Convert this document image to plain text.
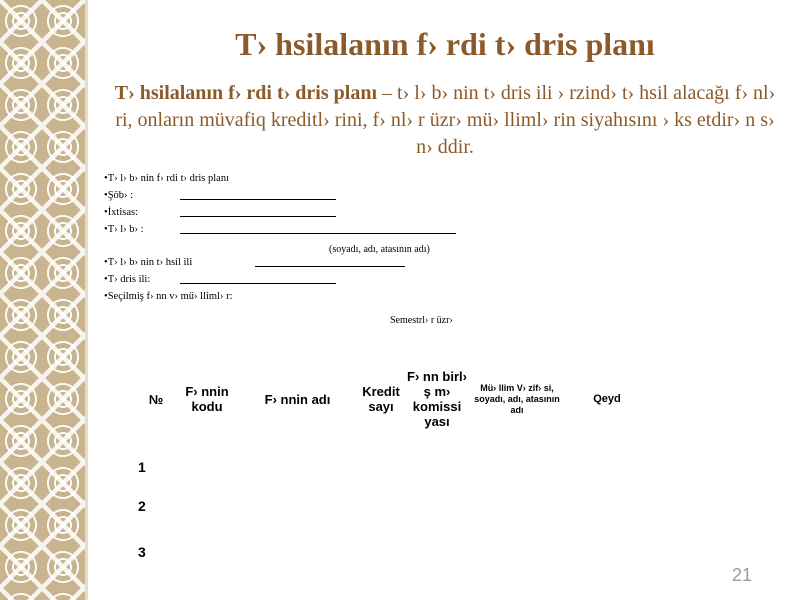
T› hsilalanın f› rdi t› dris planı
T› hsilalanın f› rdi t› dris planı – t› l› b› nin t› dris ili › rzind› t› hsil alacağı f› nl› ri, onların müvafiq kreditl› rini, f› nl› r üzr› mü› lliml› rin siyahısını › ks etdir› n s› n› ddir.
•
T› l› b› nin f› rdi t› dris planı
•
Şöb› :
•
İxtisas:
•
T› l› b› :
(soyadı, adı, atasının adı)
•
T› l› b› nin t› hsil ili
•
T› dris ili:
•
Seçilmiş f› nn v› mü› lliml› r:
Semestrl› r üzr›
№	F› nnin kodu	F› nnin adı	Kredit sayı	F› nn birl› ş m› komissi yası	Mü› llim V› zif› si, soyadı, adı, atasının adı	Qeyd
1						
2						
3						
21
